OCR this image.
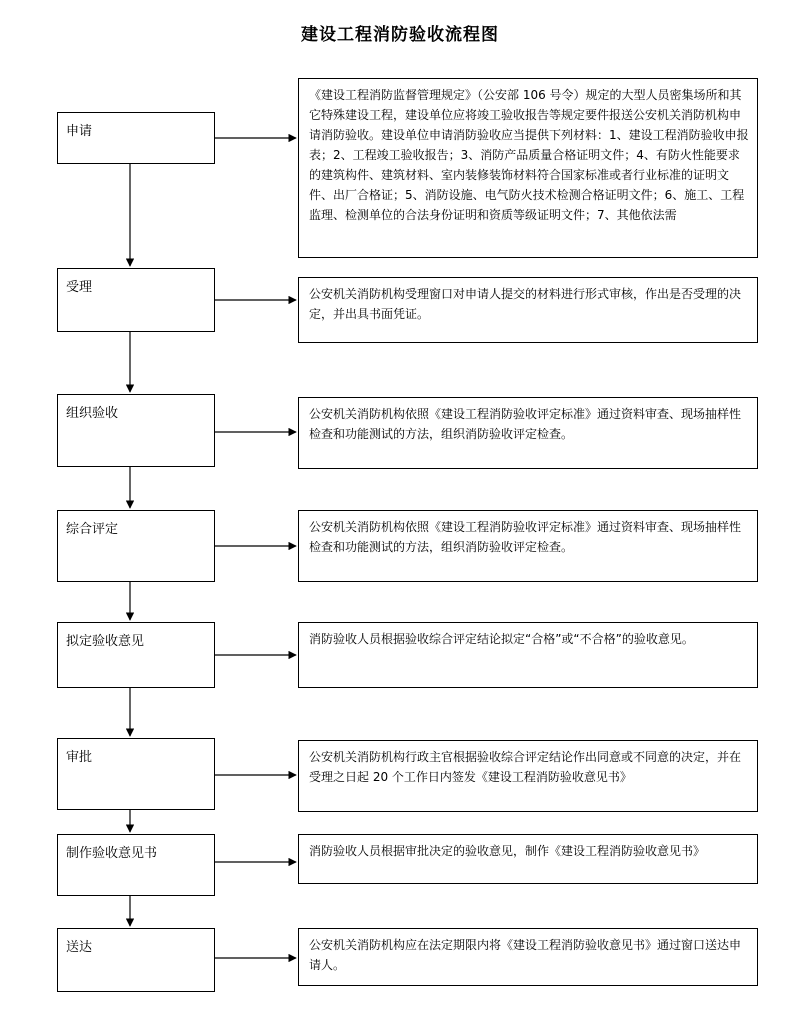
建设工程消防验收流程图
申请
受理
组织验收
综合评定
拟定验收意见
审批
制作验收意见书
送达
《建设工程消防监督管理规定》（公安部 106 号令）规定的大型人员密集场所和其它特殊建设工程，建设单位应将竣工验收报告等规定要件报送公安机关消防机构申请消防验收。建设单位申请消防验收应当提供下列材料：1、建设工程消防验收申报表；2、工程竣工验收报告；3、消防产品质量合格证明文件；4、有防火性能要求的建筑构件、建筑材料、室内装修装饰材料符合国家标准或者行业标准的证明文件、出厂合格证；5、消防设施、电气防火技术检测合格证明文件；6、施工、工程监理、检测单位的合法身份证明和资质等级证明文件；7、其他依法需
公安机关消防机构受理窗口对申请人提交的材料进行形式审核，作出是否受理的决定，并出具书面凭证。
公安机关消防机构依照《建设工程消防验收评定标准》通过资料审查、现场抽样性检查和功能测试的方法，组织消防验收评定检查。
公安机关消防机构依照《建设工程消防验收评定标准》通过资料审查、现场抽样性检查和功能测试的方法，组织消防验收评定检查。
消防验收人员根据验收综合评定结论拟定“合格”或“不合格”的验收意见。
公安机关消防机构行政主官根据验收综合评定结论作出同意或不同意的决定，并在受理之日起 20 个工作日内签发《建设工程消防验收意见书》
消防验收人员根据审批决定的验收意见，制作《建设工程消防验收意见书》
公安机关消防机构应在法定期限内将《建设工程消防验收意见书》通过窗口送达申请人。
